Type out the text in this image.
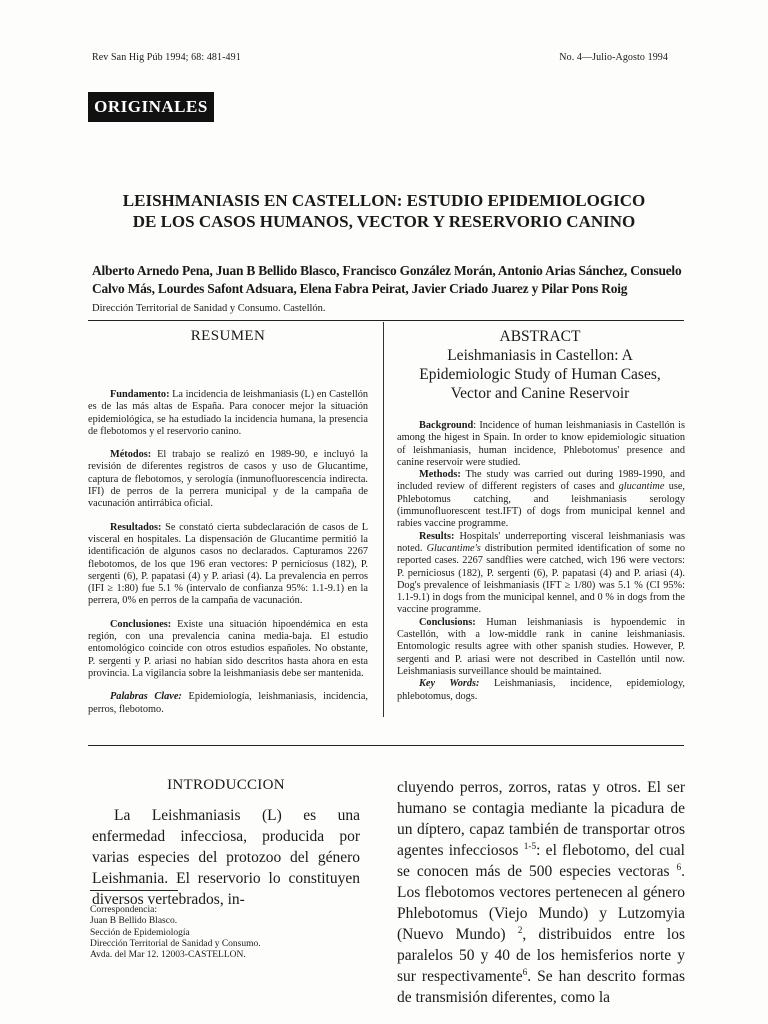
Rev San Hig Púb 1994; 68: 481-491	No. 4—Julio-Agosto 1994
ORIGINALES
LEISHMANIASIS EN CASTELLON: ESTUDIO EPIDEMIOLOGICO
DE LOS CASOS HUMANOS, VECTOR Y RESERVORIO CANINO
Alberto Arnedo Pena, Juan B Bellido Blasco, Francisco González Morán, Antonio Arias Sánchez, Consuelo
Calvo Más, Lourdes Safont Adsuara, Elena Fabra Peirat, Javier Criado Juarez y Pilar Pons Roig
Dirección Territorial de Sanidad y Consumo. Castellón.
RESUMEN

Fundamento: La incidencia de leishmaniasis (L) en Castellón es de las más altas de España. Para conocer mejor la situación epidemiológica, se ha estudiado la incidencia humana, la presencia de flebotomos y el reservorio canino.

Métodos: El trabajo se realizó en 1989-90, e incluyó la revisión de diferentes registros de casos y uso de Glucantime, captura de flebotomos, y serología (inmunofluorescencia indirecta. IFI) de perros de la perrera municipal y de la campaña de vacunación antirrábica oficial.

Resultados: Se constató cierta subdeclaración de casos de L visceral en hospitales. La dispensación de Glucantime permitió la identificación de algunos casos no declarados. Capturamos 2267 flebotomos, de los que 196 eran vectores: P pernicíosus (182), P. sergenti (6), P. papatasi (4) y P. ariasi (4). La prevalencia en perros (IFI ≥ 1:80) fue 5.1 % (intervalo de confianza 95%: 1.1-9.1) en la perrera, 0% en perros de la campaña de vacunación.

Conclusiones: Existe una situación hipoendémica en esta región, con una prevalencia canina media-baja. El estudio entomológico coincide con otros estudios españoles. No obstante, P. sergenti y P. ariasi no habían sido descritos hasta ahora en esta provincia. La vigilancia sobre la leishmaniasis debe ser mantenida.

Palabras Clave: Epidemiología, leishmaniasis, incidencia, perros, flebotomo.

ABSTRACT
Leishmaniasis in Castellon: A
Epidemiologic Study of Human Cases,
Vector and Canine Reservoir

Background: Incidence of human leishmaniasis in Castellón is among the higest in Spain. In order to know epidemiologic situation of leishmaniasis, human incidence, Phlebotomus' presence and canine reservoir were studied.

Methods: The study was carried out during 1989-1990, and included review of different registers of cases and glucantime use, Phlebotomus catching, and leishmaniasis serology (immunofluorescent test.IFT) of dogs from municipal kennel and rabies vaccine programme.

Results: Hospitals' underreporting visceral leishmaniasis was noted. Glucantime's distribution permited identification of some no reported cases. 2267 sandflies were catched, wich 196 were vectors: P. perniciosus (182), P. sergenti (6), P. papatasi (4) and P. ariasi (4). Dog's prevalence of leishmaniasis (IFT ≥ 1/80) was 5.1 % (CI 95%: 1.1-9.1) in dogs from the municipal kennel, and 0 % in dogs from the vaccine programme.

Conclusions: Human leishmaniasis is hypoendemic in Castellón, with a low-middle rank in canine leishmaniasis. Entomologic results agree with other spanish studies. However, P. sergenti and P. ariasi were not described in Castellón until now. Leishmaniasis surveillance should be maintained.

Key Words: Leishmaniasis, incidence, epidemiology, phlebotomus, dogs.

INTRODUCCION
La Leishmaniasis (L) es una enfermedad infecciosa, producida por varias especies del protozoo del género Leishmania. El reservorio lo constituyen diversos vertebrados, in-
cluyendo perros, zorros, ratas y otros. El ser humano se contagia mediante la picadura de un díptero, capaz también de transportar otros agentes infecciosos $^{1-5}$: el flebotomo, del cual se conocen más de 500 especies vectoras $^6$. Los flebotomos vectores pertenecen al género Phlebotomus (Viejo Mundo) y Lutzomyia (Nuevo Mundo) $^2$, distribuidos entre los paralelos 50 y 40 de los hemisferios norte y sur respectivamente$^6$. Se han descrito formas de transmisión diferentes, como la
Correspondencia:
Juan B Bellido Blasco.
Sección de Epidemiología
Dirección Territorial de Sanidad y Consumo.
Avda. del Mar 12. 12003-CASTELLON.
